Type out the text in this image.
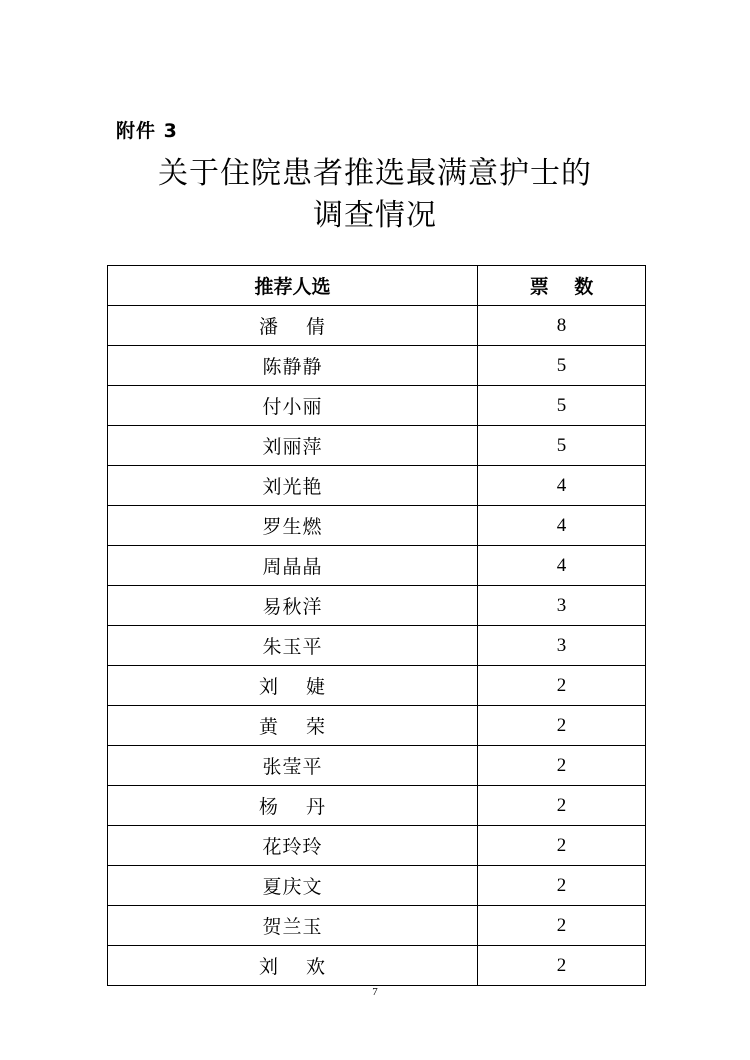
附件 3
关于住院患者推选最满意护士的
调查情况
推荐人选	票　 数
潘　 倩	8
陈静静	5
付小丽	5
刘丽萍	5
刘光艳	4
罗生燃	4
周晶晶	4
易秋洋	3
朱玉平	3
刘　 婕	2
黄　 荣	2
张莹平	2
杨　 丹	2
花玲玲	2
夏庆文	2
贺兰玉	2
刘　 欢	2
7
